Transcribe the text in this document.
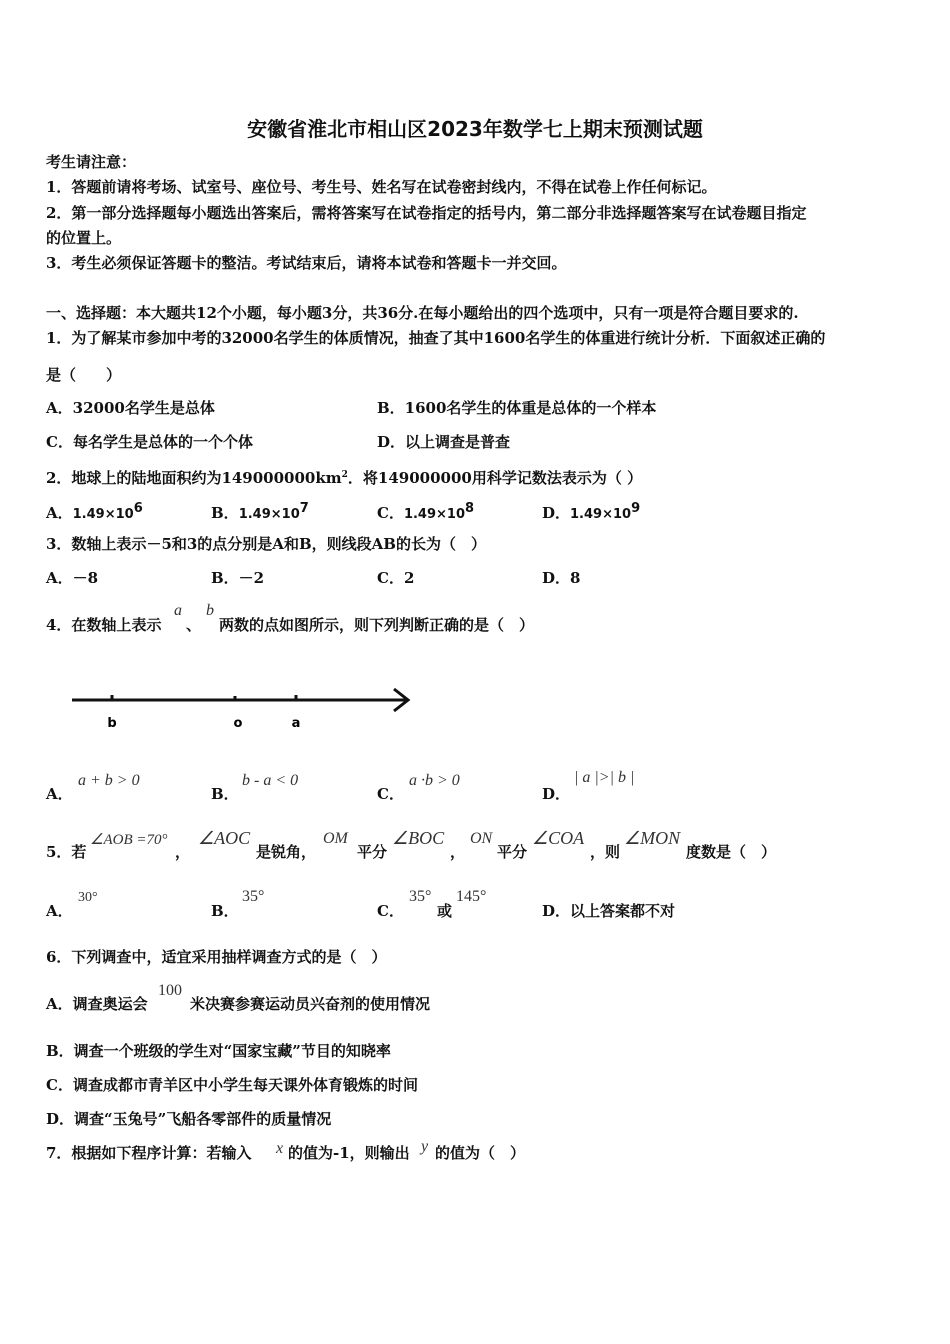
安徽省淮北市相山区2023年数学七上期末预测试题
考生请注意：
1．答题前请将考场、试室号、座位号、考生号、姓名写在试卷密封线内，不得在试卷上作任何标记。
2．第一部分选择题每小题选出答案后，需将答案写在试卷指定的括号内，第二部分非选择题答案写在试卷题目指定
的位置上。
3．考生必须保证答题卡的整洁。考试结束后，请将本试卷和答题卡一并交回。
一、选择题：本大题共12个小题，每小题3分，共36分.在每小题给出的四个选项中，只有一项是符合题目要求的.
1．为了解某市参加中考的32000名学生的体质情况，抽查了其中1600名学生的体重进行统计分析．下面叙述正确的
是（　　）
A．32000名学生是总体	B．1600名学生的体重是总体的一个样本
C．每名学生是总体的一个个体	D．以上调查是普查
2．地球上的陆地面积约为$149000000km^2$．将149000000用科学记数法表示为（ ）
A．$1.49\times 10^6$	B．$1.49\times 10^7$	C．$1.49\times 10^8$	D．$1.49\times 10^9$
3．数轴上表示－5和3的点分别是A和B，则线段AB的长为（　）
A．－8	B．－2	C．2	D．8
4．在数轴上表示
a
、
b
两数的点如图所示，则下列判断正确的是（　）
b	o	a
A．
a + b > 0
B．
b - a < 0
C．
a ·b > 0
D．
| a |>| b |
5．若
∠AOB =70°
，
∠AOC
是锐角，
OM
平分
∠BOC
，
ON
平分
∠COA
，则
∠MON
度数是（　）
A．
30°
B．
35°
C．
35°
或
145°
D．以上答案都不对
6．下列调查中，适宜采用抽样调查方式的是（　）
A．调查奥运会
100
米决赛参赛运动员兴奋剂的使用情况
B．调查一个班级的学生对“国家宝藏”节目的知晓率
C．调查成都市青羊区中小学生每天课外体育锻炼的时间
D．调查“玉兔号”飞船各零部件的质量情况
7．根据如下程序计算：若输入 x 的值为-1，则输出 y 的值为（　）
